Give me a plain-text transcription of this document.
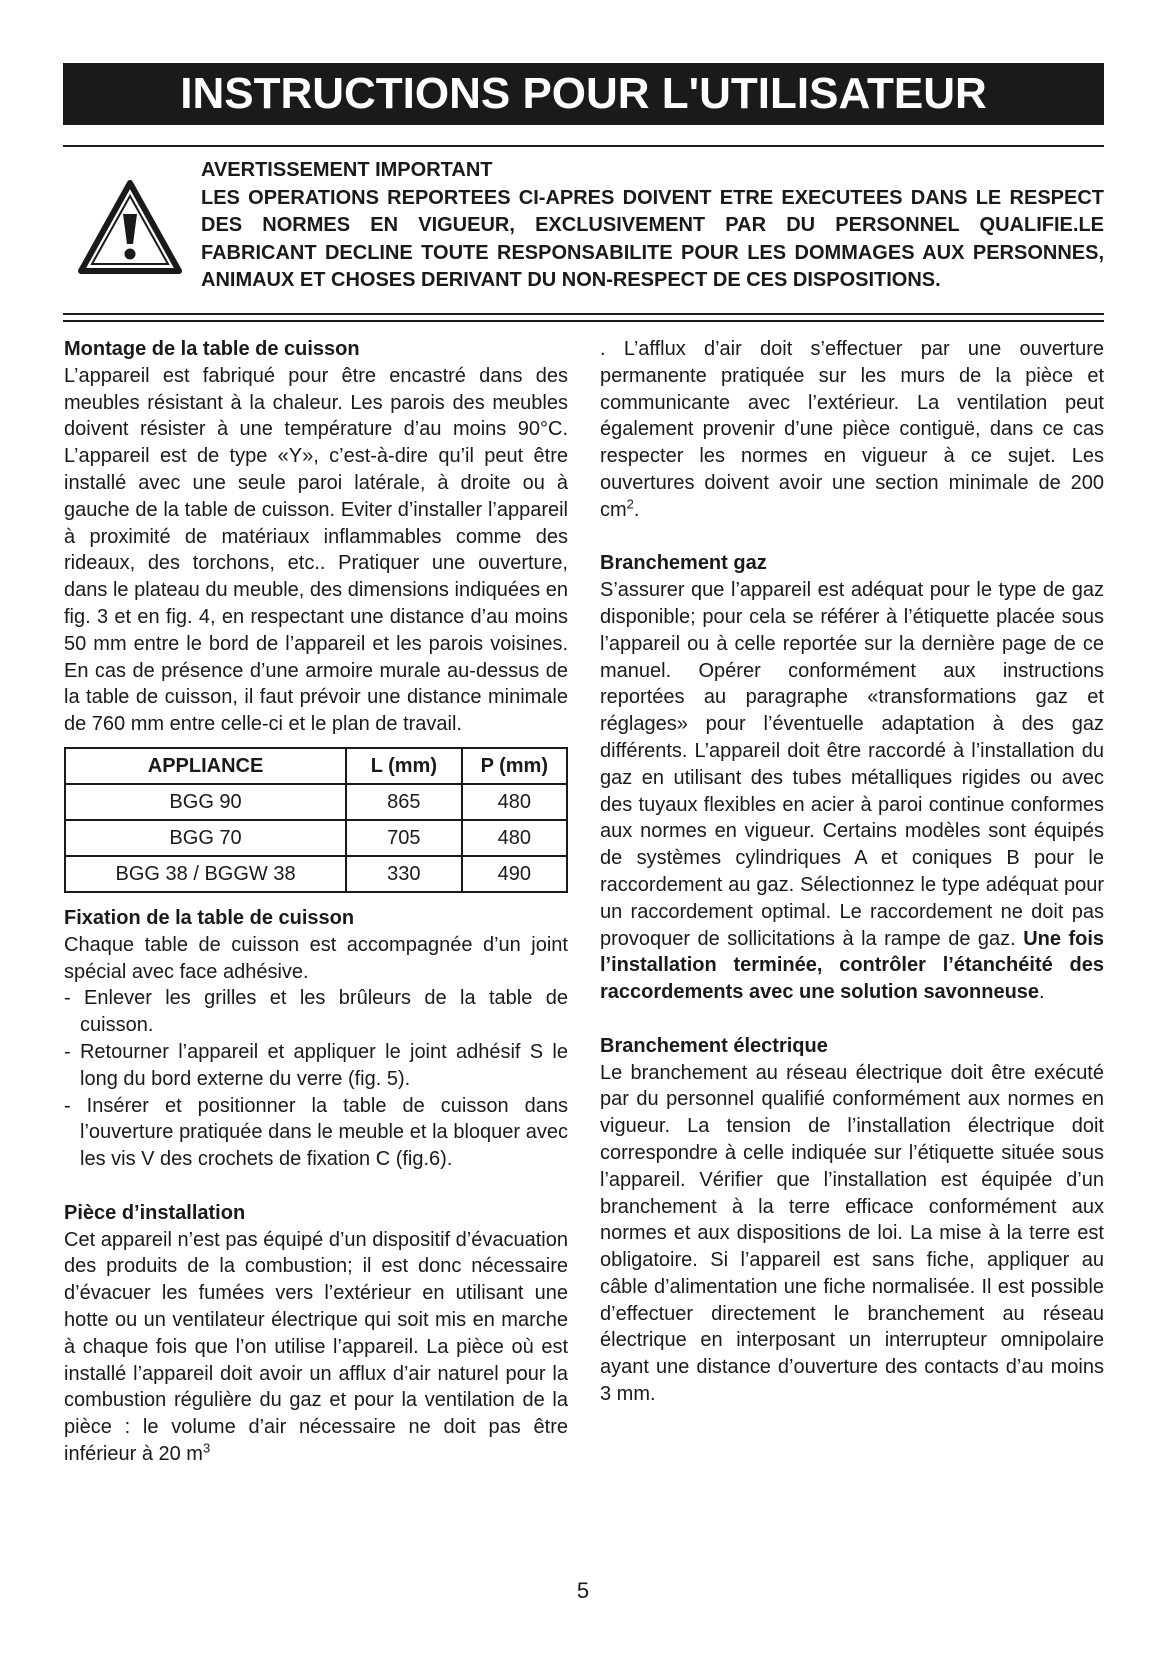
INSTRUCTIONS POUR L'UTILISATEUR

AVERTISSEMENT IMPORTANT

LES OPERATIONS REPORTEES CI-APRES DOIVENT ETRE EXECUTEES DANS LE RESPECT DES NORMES EN VIGUEUR, EXCLUSIVEMENT PAR DU PERSONNEL QUALIFIE.LE FABRICANT DECLINE TOUTE RESPONSABILITE POUR LES DOMMAGES AUX PERSONNES, ANIMAUX ET CHOSES DERIVANT DU NON-RESPECT DE CES DISPOSITIONS.

Montage de la table de cuisson

L’appareil est fabriqué pour être encastré dans des meubles résistant à la chaleur. Les parois des meubles doivent résister à une température d’au moins 90°C. L’appareil est de type «Y», c’est-à-dire qu’il peut être installé avec une seule paroi latérale, à droite ou à gauche de la table de cuisson. Eviter d’installer l’appareil à proximité de matériaux inflammables comme des rideaux, des torchons, etc.. Pratiquer une ouverture, dans le plateau du meuble, des dimensions indiquées en fig. 3 et en fig. 4, en respectant une distance d’au moins 50 mm entre le bord de l’appareil et les parois voisines. En cas de présence d’une armoire murale au-dessus de la table de cuisson, il faut prévoir une distance minimale de 760 mm entre celle-ci et le plan de travail.

APPLIANCE	L (mm)	P (mm)
BGG 90	865	480
BGG 70	705	480
BGG 38 / BGGW 38	330	490
Fixation de la table de cuisson

Chaque table de cuisson est accompagnée d’un joint spécial avec face adhésive.

- Enlever les grilles et les brûleurs de la table de cuisson.

- Retourner l’appareil et appliquer le joint adhésif S le long du bord externe du verre (fig. 5).

- Insérer et positionner la table de cuisson dans l’ouverture pratiquée dans le meuble et la bloquer avec les vis V des crochets de fixation C (fig.6).

Pièce d’installation

Cet appareil n’est pas équipé d’un dispositif d’évacuation des produits de la combustion; il est donc nécessaire d’évacuer les fumées vers l’extérieur en utilisant une hotte ou un ventilateur électrique qui soit mis en marche à chaque fois que l’on utilise l’appareil. La pièce où est installé l’appareil doit avoir un afflux d’air naturel pour la combustion régulière du gaz et pour la ventilation de la pièce : le volume d’air nécessaire ne doit pas être inférieur à 20 $m^3$

. L’afflux d’air doit s’effectuer par une ouverture permanente pratiquée sur les murs de la pièce et communicante avec l’extérieur. La ventilation peut également provenir d’une pièce contiguë, dans ce cas respecter les normes en vigueur à ce sujet. Les ouvertures doivent avoir une section minimale de 200 $cm^2$.

Branchement gaz

S’assurer que l’appareil est adéquat pour le type de gaz disponible; pour cela se référer à l’étiquette placée sous l’appareil ou à celle reportée sur la dernière page de ce manuel. Opérer conformément aux instructions reportées au paragraphe «transformations gaz et réglages» pour l’éventuelle adaptation à des gaz différents. L’appareil doit être raccordé à l’installation du gaz en utilisant des tubes métalliques rigides ou avec des tuyaux flexibles en acier à paroi continue conformes aux normes en vigueur. Certains modèles sont équipés de systèmes cylindriques A et coniques B pour le raccordement au gaz. Sélectionnez le type adéquat pour un raccordement optimal. Le raccordement ne doit pas provoquer de sollicitations à la rampe de gaz. Une fois l’installation terminée, contrôler l’étanchéité des raccordements avec une solution savonneuse.

Branchement électrique

Le branchement au réseau électrique doit être exécuté par du personnel qualifié conformément aux normes en vigueur. La tension de l’installation électrique doit correspondre à celle indiquée sur l’étiquette située sous l’appareil. Vérifier que l’installation est équipée d’un branchement à la terre efficace conformément aux normes et aux dispositions de loi. La mise à la terre est obligatoire. Si l’appareil est sans fiche, appliquer au câble d’alimentation une fiche normalisée. Il est possible d’effectuer directement le branchement au réseau électrique en interposant un interrupteur omnipolaire ayant une distance d’ouverture des contacts d’au moins 3 mm.

5
